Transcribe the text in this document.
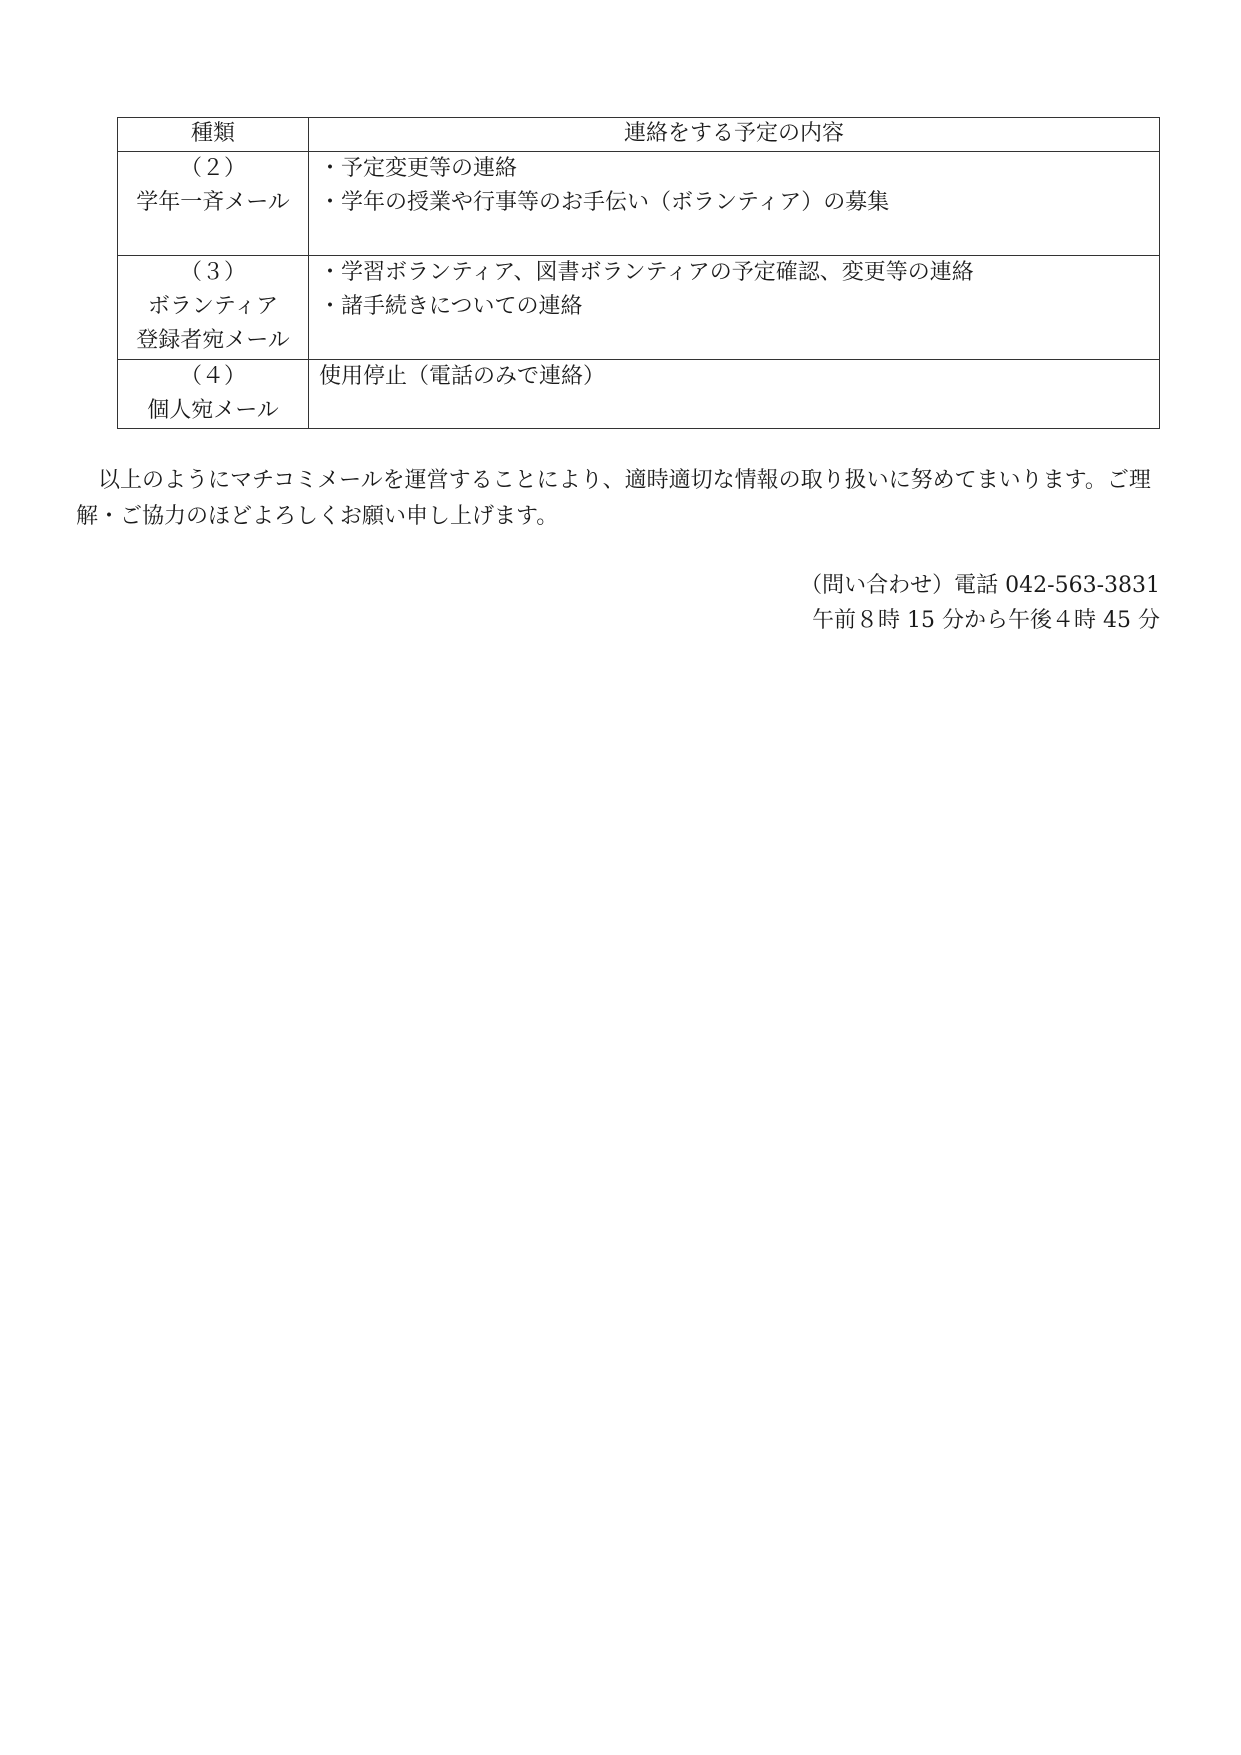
種類	連絡をする予定の内容

（２）
学年一斉メール	・予定変更等の連絡
・学年の授業や行事等のお手伝い（ボランティア）の募集

（３）
ボランティア
登録者宛メール	・学習ボランティア、図書ボランティアの予定確認、変更等の連絡
・諸手続きについての連絡

（４）
個人宛メール	使用停止（電話のみで連絡）

以上のようにマチコミメールを運営することにより、適時適切な情報の取り扱いに努めてまいります。ご理解・ご協力のほどよろしくお願い申し上げます。

（問い合わせ）電話 042-563-3831
午前８時 15 分から午後４時 45 分
